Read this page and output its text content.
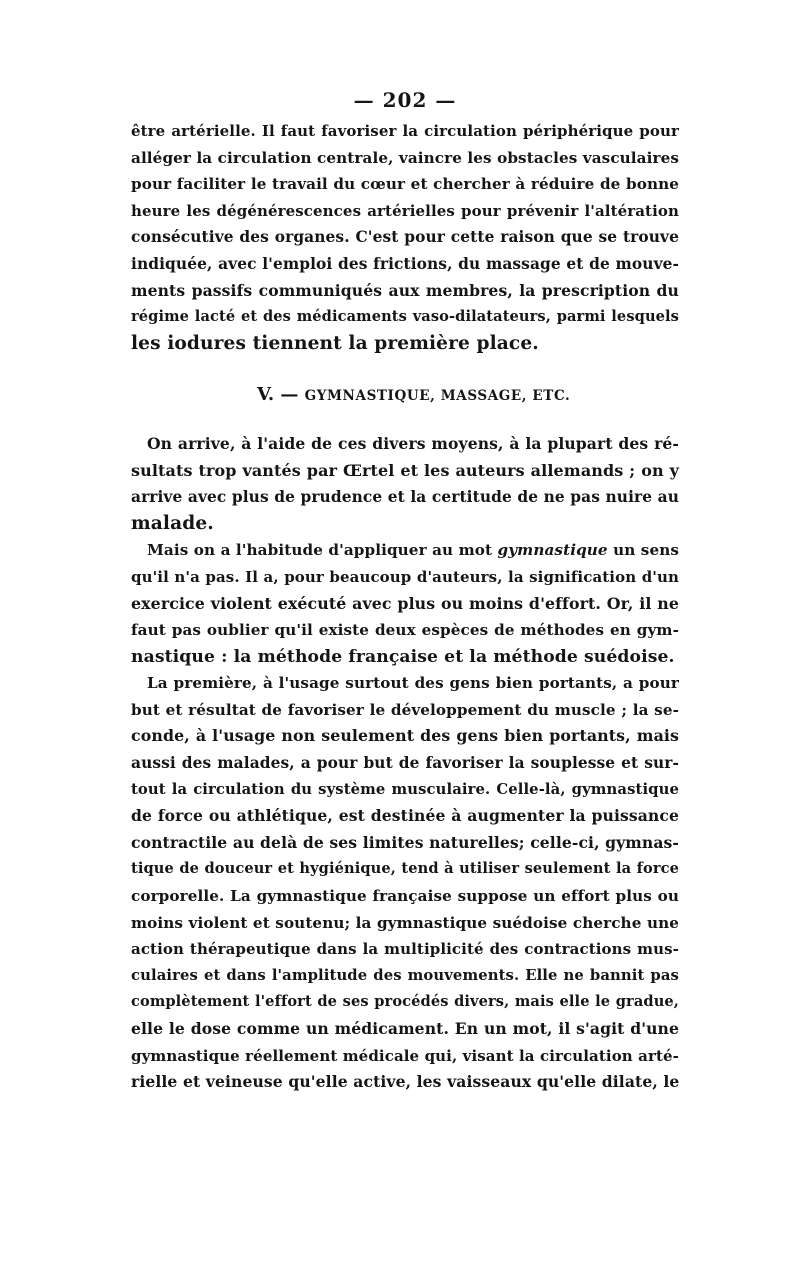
— 202 —
être artérielle. Il faut favoriser la circulation périphérique pour
alléger la circulation centrale, vaincre les obstacles vasculaires
pour faciliter le travail du cœur et chercher à réduire de bonne
heure les dégénérescences artérielles pour prévenir l'altération
consécutive des organes. C'est pour cette raison que se trouve
indiquée, avec l'emploi des frictions, du massage et de mouve-
ments passifs communiqués aux membres, la prescription du
régime lacté et des médicaments vaso-dilatateurs, parmi lesquels
les iodures tiennent la première place.
V. — GYMNASTIQUE, MASSAGE, ETC.
On arrive, à l'aide de ces divers moyens, à la plupart des ré-
sultats trop vantés par Œrtel et les auteurs allemands ; on y
arrive avec plus de prudence et la certitude de ne pas nuire au
malade.
Mais on a l'habitude d'appliquer au mot gymnastique un sens
qu'il n'a pas. Il a, pour beaucoup d'auteurs, la signification d'un
exercice violent exécuté avec plus ou moins d'effort. Or, il ne
faut pas oublier qu'il existe deux espèces de méthodes en gym-
nastique : la méthode française et la méthode suédoise.
La première, à l'usage surtout des gens bien portants, a pour
but et résultat de favoriser le développement du muscle ; la se-
conde, à l'usage non seulement des gens bien portants, mais
aussi des malades, a pour but de favoriser la souplesse et sur-
tout la circulation du système musculaire. Celle-là, gymnastique
de force ou athlétique, est destinée à augmenter la puissance
contractile au delà de ses limites naturelles; celle-ci, gymnas-
tique de douceur et hygiénique, tend à utiliser seulement la force
corporelle. La gymnastique française suppose un effort plus ou
moins violent et soutenu; la gymnastique suédoise cherche une
action thérapeutique dans la multiplicité des contractions mus-
culaires et dans l'amplitude des mouvements. Elle ne bannit pas
complètement l'effort de ses procédés divers, mais elle le gradue,
elle le dose comme un médicament. En un mot, il s'agit d'une
gymnastique réellement médicale qui, visant la circulation arté-
rielle et veineuse qu'elle active, les vaisseaux qu'elle dilate, le
